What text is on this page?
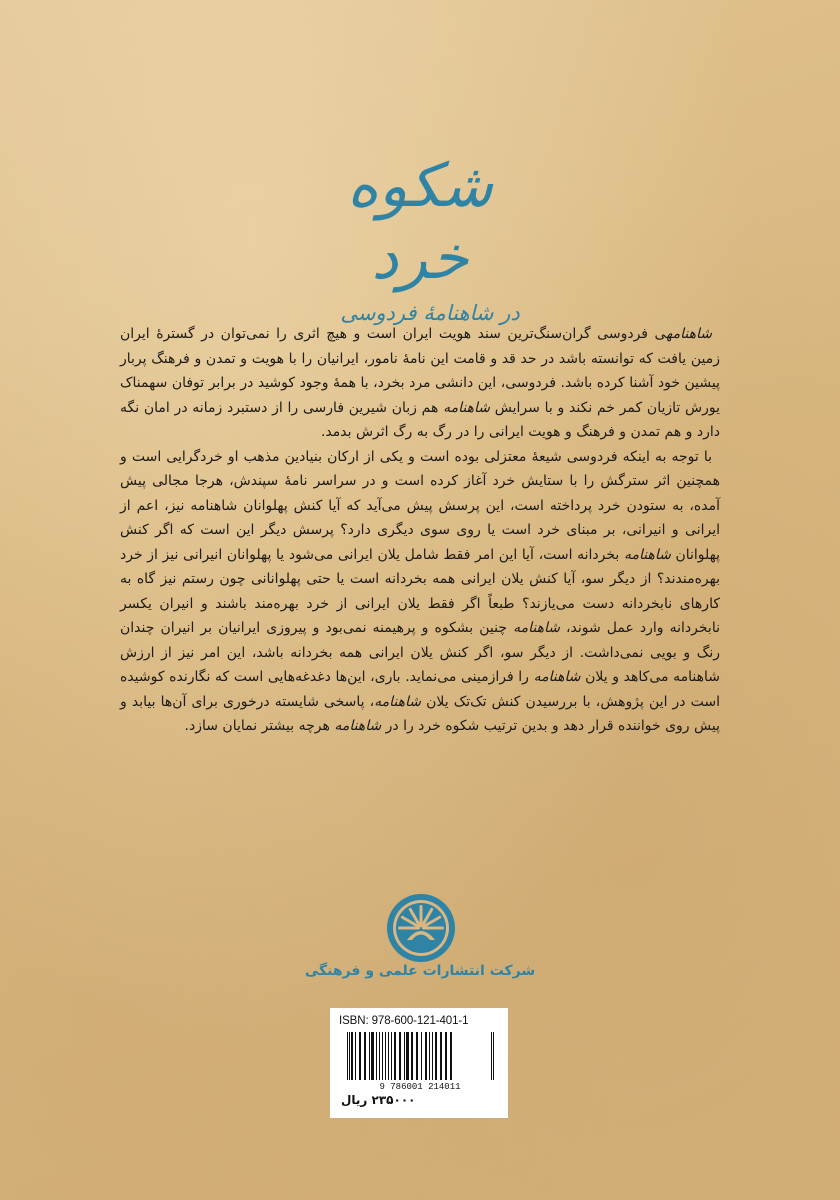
شکوه خرد
در شاهنامهٔ فردوسی

شاهنامهی فردوسی گران‌سنگ‌ترین سند هویت ایران است و هیچ اثری را نمی‌توان در گسترهٔ ایران زمین یافت که توانسته باشد در حد قد و قامت این نامهٔ نامور، ایرانیان را با هویت و تمدن و فرهنگ پربار پیشین خود آشنا کرده باشد. فردوسی، این دانشی مرد بخرد، با همهٔ وجود کوشید در برابر توفان سهمناک یورش تازیان کمر خم نکند و با سرایش شاهنامه هم زبان شیرین فارسی را از دستبرد زمانه در امان نگه دارد و هم تمدن و فرهنگ و هویت ایرانی را در رگ به رگ اثرش بدمد.

با توجه به اینکه فردوسی شیعهٔ معتزلی بوده است و یکی از ارکان بنیادین مذهب او خردگرایی است و همچنین اثر سترگش را با ستایش خرد آغاز کرده است و در سراسر نامهٔ سپندش، هرجا مجالی پیش آمده، به ستودن خرد پرداخته است، این پرسش پیش می‌آید که آیا کنش پهلوانان شاهنامه نیز، اعم از ایرانی و انیرانی، بر مبنای خرد است یا روی سوی دیگری دارد؟ پرسش دیگر این است که اگر کنش پهلوانان شاهنامه بخردانه است، آیا این امر فقط شامل یلان ایرانی می‌شود یا پهلوانان انیرانی نیز از خرد بهره‌مندند؟ از دیگر سو، آیا کنش یلان ایرانی همه بخردانه است یا حتی پهلوانانی چون رستم نیز گاه به کارهای نابخردانه دست می‌یازند؟ طبعاً اگر فقط یلان ایرانی از خرد بهره‌مند باشند و انیران یکسر نابخردانه وارد عمل شوند، شاهنامه چنین بشکوه و پرهیمنه نمی‌بود و پیروزی ایرانیان بر انیران چندان رنگ و بویی نمی‌داشت. از دیگر سو، اگر کنش یلان ایرانی همه بخردانه باشد، این امر نیز از ارزش شاهنامه می‌کاهد و یلان شاهنامه را فرازمینی می‌نماید. باری، این‌ها دغدغه‌هایی است که نگارنده کوشیده است در این پژوهش، با بررسیدن کنش تک‌تک یلان شاهنامه، پاسخی شایسته درخوری برای آن‌ها بیابد و پیش روی خواننده قرار دهد و بدین ترتیب شکوه خرد را در شاهنامه هرچه بیشتر نمایان سازد.

شرکت انتشارات علمی و فرهنگی
ISBN: 978-600-121-401-1
9 786001 214011
۲۳۵۰۰۰ ریال
